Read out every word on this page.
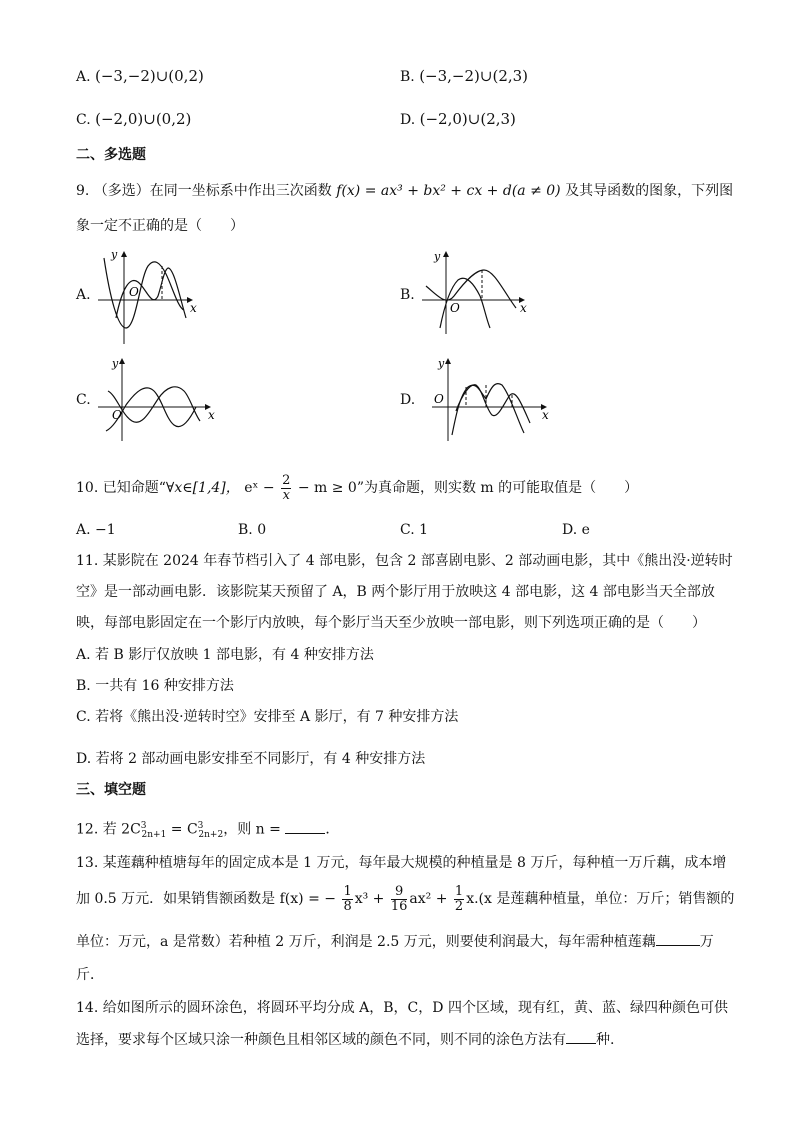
A. (−3,−2)∪(0,2)	B. (−3,−2)∪(2,3)
C. (−2,0)∪(0,2)	D. (−2,0)∪(2,3)
二、多选题
9. （多选）在同一坐标系中作出三次函数 f(x) = ax³ + bx² + cx + d(a ≠ 0) 及其导函数的图象，下列图
象一定不正确的是（　　）
A.	O
x
y
B.
O	x
y
C.
O	x
y
D. O
x
y
10. 已知命题“∀x∈[1,4]， eˣ − $\frac{2}{x} - m \ge 0$”为真命题，则实数 m 的可能取值是（　　）
A. −1	B. 0	C. 1	D. e
11. 某影院在 2024 年春节档引入了 4 部电影，包含 2 部喜剧电影、2 部动画电影，其中《熊出没·逆转时
空》是一部动画电影．该影院某天预留了 A，B 两个影厅用于放映这 4 部电影，这 4 部电影当天全部放
映，每部电影固定在一个影厅内放映，每个影厅当天至少放映一部电影，则下列选项正确的是（　　）
A. 若 B 影厅仅放映 1 部电影，有 4 种安排方法
B. 一共有 16 种安排方法
C. 若将《熊出没·逆转时空》安排至 A 影厅，有 7 种安排方法
D. 若将 2 部动画电影安排至不同影厅，有 4 种安排方法
三、填空题
12. 若 $2C^3_{2n+1} = C^3_{2n+2}$，则 n =	．
13. 某莲藕种植塘每年的固定成本是 1 万元，每年最大规模的种植量是 8 万斤，每种植一万斤藕，成本增
加 0.5 万元．如果销售额函数是 f(x) = − $\frac{1}{8} x^3 + \frac{9}{16} ax^2 + \frac{1}{2} x.(x$ 是莲藕种植量，单位：万斤；销售额的
单位：万元，a 是常数）若种植 2 万斤，利润是 2.5 万元，则要使利润最大，每年需种植莲藕	万
斤．
14. 给如图所示的圆环涂色，将圆环平均分成 A，B，C，D 四个区域，现有红，黄、蓝、绿四种颜色可供
选择，要求每个区域只涂一种颜色且相邻区域的颜色不同，则不同的涂色方法有 种.
